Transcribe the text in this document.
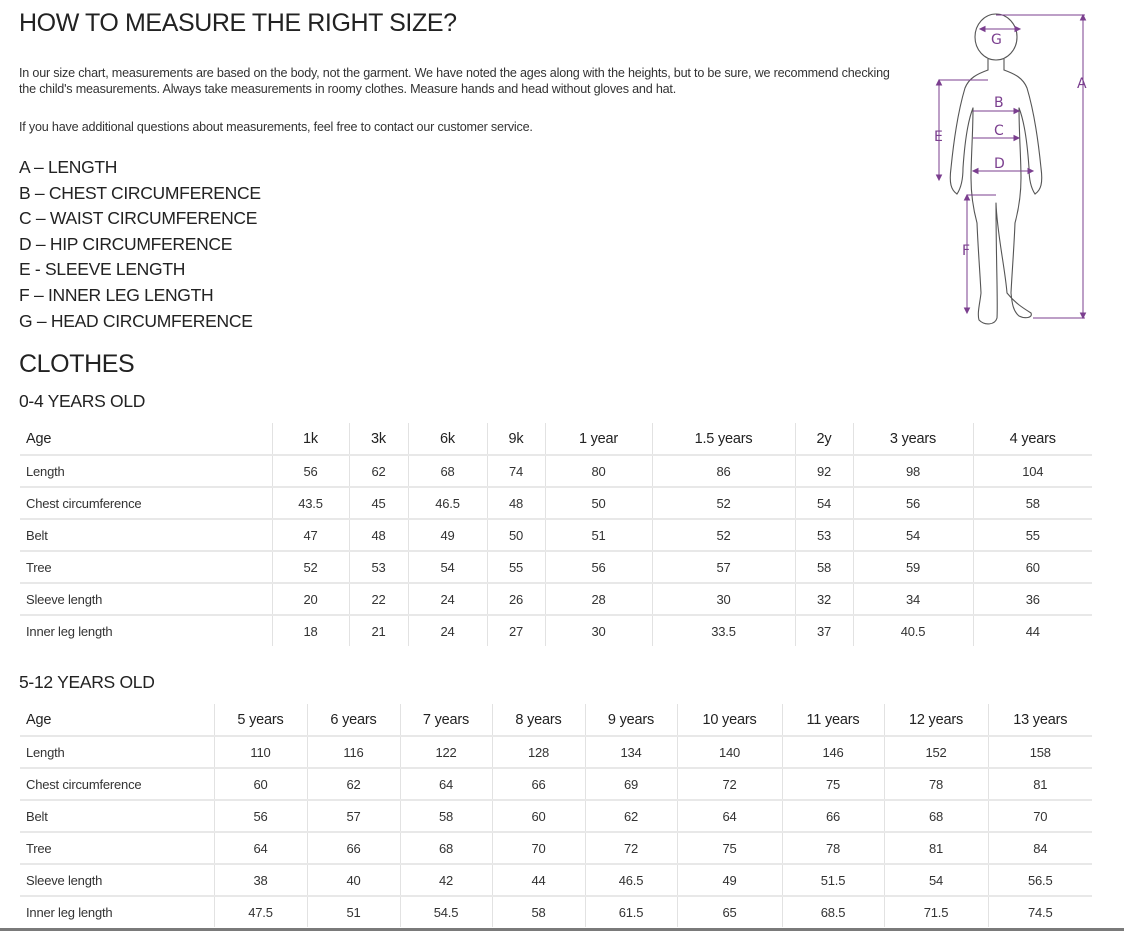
HOW TO MEASURE THE RIGHT SIZE?

In our size chart, measurements are based on the body, not the garment. We have noted the ages along with the heights, but to be sure, we recommend checking the child's measurements. Always take measurements in roomy clothes. Measure hands and head without gloves and hat.

If you have additional questions about measurements, feel free to contact our customer service.

A – LENGTH
B – CHEST CIRCUMFERENCE
C – WAIST CIRCUMFERENCE
D – HIP CIRCUMFERENCE
E - SLEEVE LENGTH
F – INNER LEG LENGTH
G – HEAD CIRCUMFERENCE
G
A
B
C
D
E
F
CLOTHES
0-4 YEARS OLD
Age	1k	3k	6k	9k	1 year	1.5 years	2y	3 years	4 years
Length	56	62	68	74	80	86	92	98	104
Chest circumference	43.5	45	46.5	48	50	52	54	56	58
Belt	47	48	49	50	51	52	53	54	55
Tree	52	53	54	55	56	57	58	59	60
Sleeve length	20	22	24	26	28	30	32	34	36
Inner leg length	18	21	24	27	30	33.5	37	40.5	44
5-12 YEARS OLD
Age	5 years	6 years	7 years	8 years	9 years	10 years	11 years	12 years	13 years
Length	110	116	122	128	134	140	146	152	158
Chest circumference	60	62	64	66	69	72	75	78	81
Belt	56	57	58	60	62	64	66	68	70
Tree	64	66	68	70	72	75	78	81	84
Sleeve length	38	40	42	44	46.5	49	51.5	54	56.5
Inner leg length	47.5	51	54.5	58	61.5	65	68.5	71.5	74.5
